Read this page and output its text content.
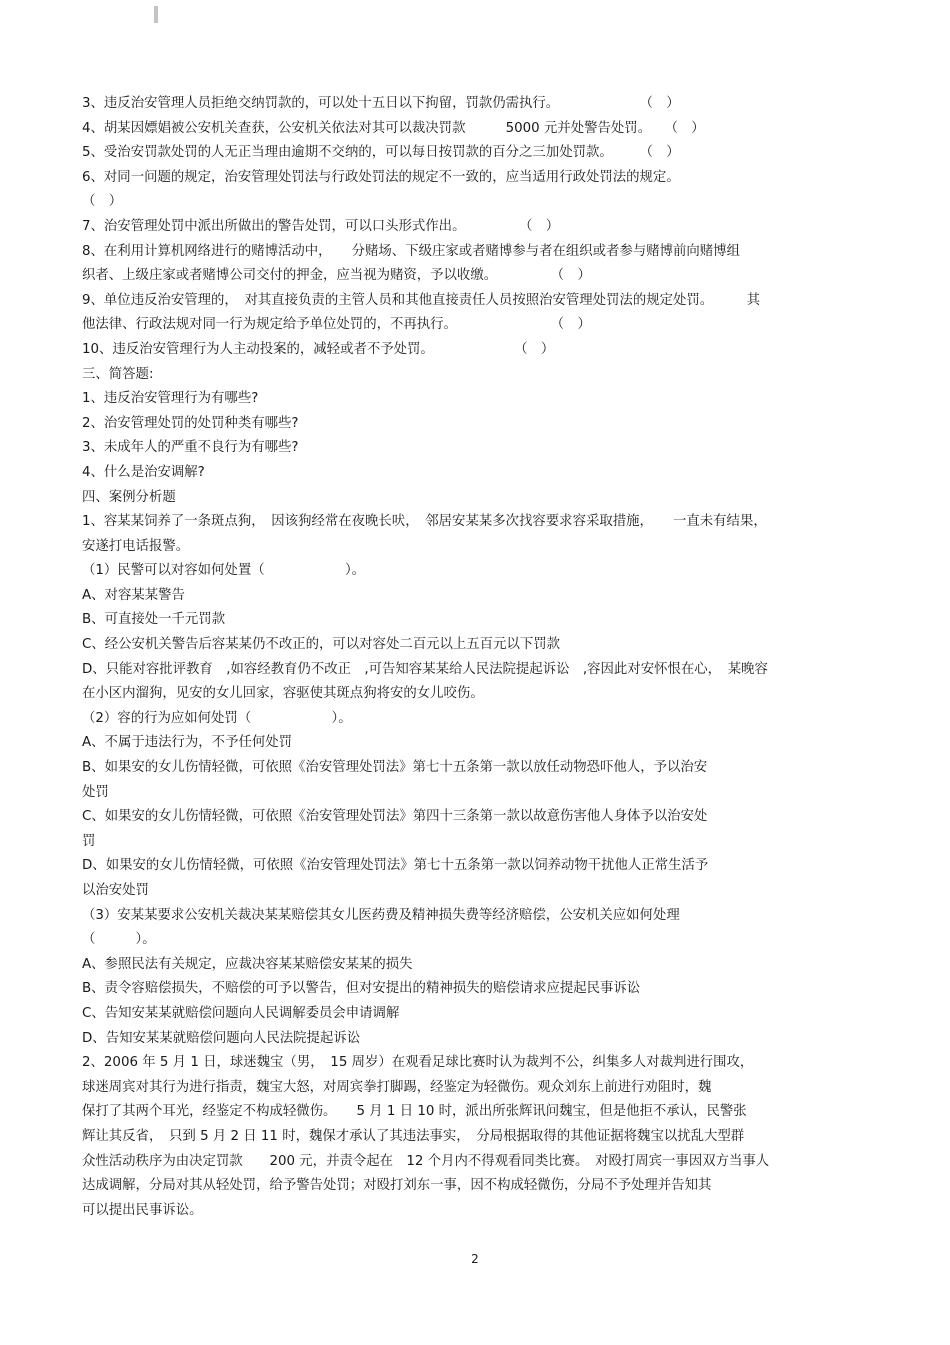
3、违反治安管理人员拒绝交纳罚款的，可以处十五日以下拘留，罚款仍需执行。　　　　　　　（　）
4、胡某因嫖娼被公安机关查获，公安机关依法对其可以裁决罚款　　　5000 元并处警告处罚。　　（　）
5、受治安罚款处罚的人无正当理由逾期不交纳的，可以每日按罚款的百分之三加处罚款。　　　（　）
6、对同一问题的规定，治安管理处罚法与行政处罚法的规定不一致的，应当适用行政处罚法的规定。
（　）
7、治安管理处罚中派出所做出的警告处罚，可以口头形式作出。　　　　　（　）
8、在利用计算机网络进行的赌博活动中，　　分赌场、下级庄家或者赌博参与者在组织或者参与赌博前向赌博组
织者、上级庄家或者赌博公司交付的押金，应当视为赌资，予以收缴。　　　　　（　）
9、单位违反治安管理的，　对其直接负责的主管人员和其他直接责任人员按照治安管理处罚法的规定处罚。　　　其
他法律、行政法规对同一行为规定给予单位处罚的，不再执行。　　　　　　　　（　）
10、违反治安管理行为人主动投案的，减轻或者不予处罚。　　　　　　　（　）
三、简答题:
1、违反治安管理行为有哪些?
2、治安管理处罚的处罚种类有哪些?
3、未成年人的严重不良行为有哪些?
4、什么是治安调解?
四、案例分析题
1、容某某饲养了一条斑点狗，　因该狗经常在夜晚长吠，　邻居安某某多次找容要求容采取措施，　　一直未有结果，
安遂打电话报警。
（1）民警可以对容如何处置（　　　　　　）。
A、对容某某警告
B、可直接处一千元罚款
C、经公安机关警告后容某某仍不改正的，可以对容处二百元以上五百元以下罚款
D、只能对容批评教育　,如容经教育仍不改正　,可告知容某某给人民法院提起诉讼　,容因此对安怀恨在心，　某晚容
在小区内溜狗，见安的女儿回家，容驱使其斑点狗将安的女儿咬伤。
（2）容的行为应如何处罚（　　　　　　）。
A、不属于违法行为，不予任何处罚
B、如果安的女儿伤情轻微，可依照《治安管理处罚法》第七十五条第一款以放任动物恐吓他人，予以治安
处罚
C、如果安的女儿伤情轻微，可依照《治安管理处罚法》第四十三条第一款以故意伤害他人身体予以治安处
罚
D、如果安的女儿伤情轻微，可依照《治安管理处罚法》第七十五条第一款以饲养动物干扰他人正常生活予
以治安处罚
（3）安某某要求公安机关裁决某某赔偿其女儿医药费及精神损失费等经济赔偿，公安机关应如何处理
（　　　）。
A、参照民法有关规定，应裁决容某某赔偿安某某的损失
B、责令容赔偿损失，不赔偿的可予以警告，但对安提出的精神损失的赔偿请求应提起民事诉讼
C、告知安某某就赔偿问题向人民调解委员会申请调解
D、告知安某某就赔偿问题向人民法院提起诉讼
2、2006 年 5 月 1 日，球迷魏宝（男，　15 周岁）在观看足球比赛时认为裁判不公，纠集多人对裁判进行围攻，
球迷周宾对其行为进行指责，魏宝大怒，对周宾拳打脚踢，经鉴定为轻微伤。观众刘东上前进行劝阻时，魏
保打了其两个耳光，经鉴定不构成轻微伤。　　5 月 1 日 10 时，派出所张辉讯问魏宝，但是他拒不承认，民警张
辉让其反省，　只到 5 月 2 日 11 时，魏保才承认了其违法事实，　分局根据取得的其他证据将魏宝以扰乱大型群
众性活动秩序为由决定罚款　　200 元，并责令起在　12 个月内不得观看同类比赛。　对殴打周宾一事因双方当事人
达成调解，分局对其从轻处罚，给予警告处罚；对殴打刘东一事，因不构成轻微伤，分局不予处理并告知其
可以提出民事诉讼。
2
